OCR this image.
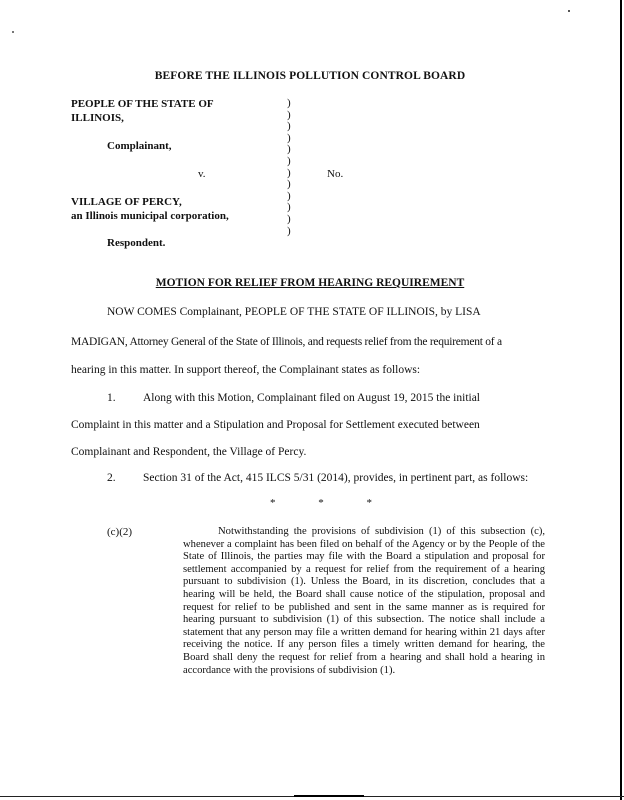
BEFORE THE ILLINOIS POLLUTION CONTROL BOARD
PEOPLE OF THE STATE OF
ILLINOIS,
Complainant,
v.
VILLAGE OF PERCY,
an Illinois municipal corporation,
Respondent.
)
)
)
)
)
)
)
)
)
)
)
)
No.
MOTION FOR RELIEF FROM HEARING REQUIREMENT
NOW COMES Complainant, PEOPLE OF THE STATE OF ILLINOIS, by LISA
MADIGAN, Attorney General of the State of Illinois, and requests relief from the requirement of a
hearing in this matter. In support thereof, the Complainant states as follows:
1. Along with this Motion, Complainant filed on August 19, 2015 the initial
Complaint in this matter and a Stipulation and Proposal for Settlement executed between
Complainant and Respondent, the Village of Percy.
2. Section 31 of the Act, 415 ILCS 5/31 (2014), provides, in pertinent part, as follows:
* * *
(c)(2)	Notwithstanding the provisions of subdivision (1) of this subsection (c), whenever a complaint has been filed on behalf of the Agency or by the People of the State of Illinois, the parties may file with the Board a stipulation and proposal for settlement accompanied by a request for relief from the requirement of a hearing pursuant to subdivision (1). Unless the Board, in its discretion, concludes that a hearing will be held, the Board shall cause notice of the stipulation, proposal and request for relief to be published and sent in the same manner as is required for hearing pursuant to subdivision (1) of this subsection. The notice shall include a statement that any person may file a written demand for hearing within 21 days after receiving the notice. If any person files a timely written demand for hearing, the Board shall deny the request for relief from a hearing and shall hold a hearing in accordance with the provisions of subdivision (1).
